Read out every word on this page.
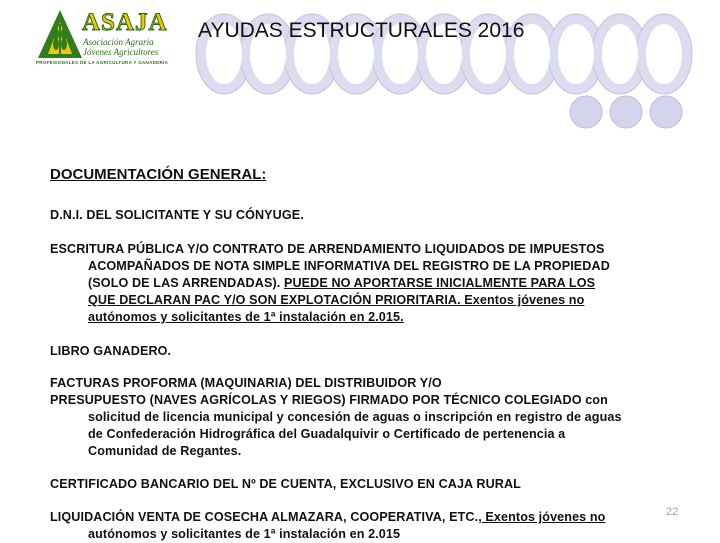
ASAJA
Asociación Agraria
Jóvenes Agricultores
PROFESIONALES DE LA AGRICULTURA Y GANADERÍA
AYUDAS ESTRUCTURALES 2016
DOCUMENTACIÓN GENERAL:
D.N.I. DEL SOLICITANTE Y SU CÓNYUGE.
ESCRITURA PÚBLICA Y/O CONTRATO DE ARRENDAMIENTO LIQUIDADOS DE IMPUESTOS
ACOMPAÑADOS DE NOTA SIMPLE INFORMATIVA DEL REGISTRO DE LA PROPIEDAD
(SOLO DE LAS ARRENDADAS). PUEDE NO APORTARSE INICIALMENTE PARA LOS
QUE DECLARAN PAC Y/O SON EXPLOTACIÓN PRIORITARIA. Exentos jóvenes no
autónomos y solicitantes de 1ª instalación en 2.015.
LIBRO GANADERO.
FACTURAS PROFORMA (MAQUINARIA) DEL DISTRIBUIDOR Y/O
PRESUPUESTO (NAVES AGRÍCOLAS Y RIEGOS) FIRMADO POR TÉCNICO COLEGIADO con
solicitud de licencia municipal y concesión de aguas o inscripción en registro de aguas
de Confederación Hidrográfica del Guadalquivir o Certificado de pertenencia a
Comunidad de Regantes.
CERTIFICADO BANCARIO DEL Nº DE CUENTA, EXCLUSIVO EN CAJA RURAL
LIQUIDACIÓN VENTA DE COSECHA ALMAZARA, COOPERATIVA, ETC., Exentos jóvenes no
autónomos y solicitantes de 1ª instalación en 2.015
22
